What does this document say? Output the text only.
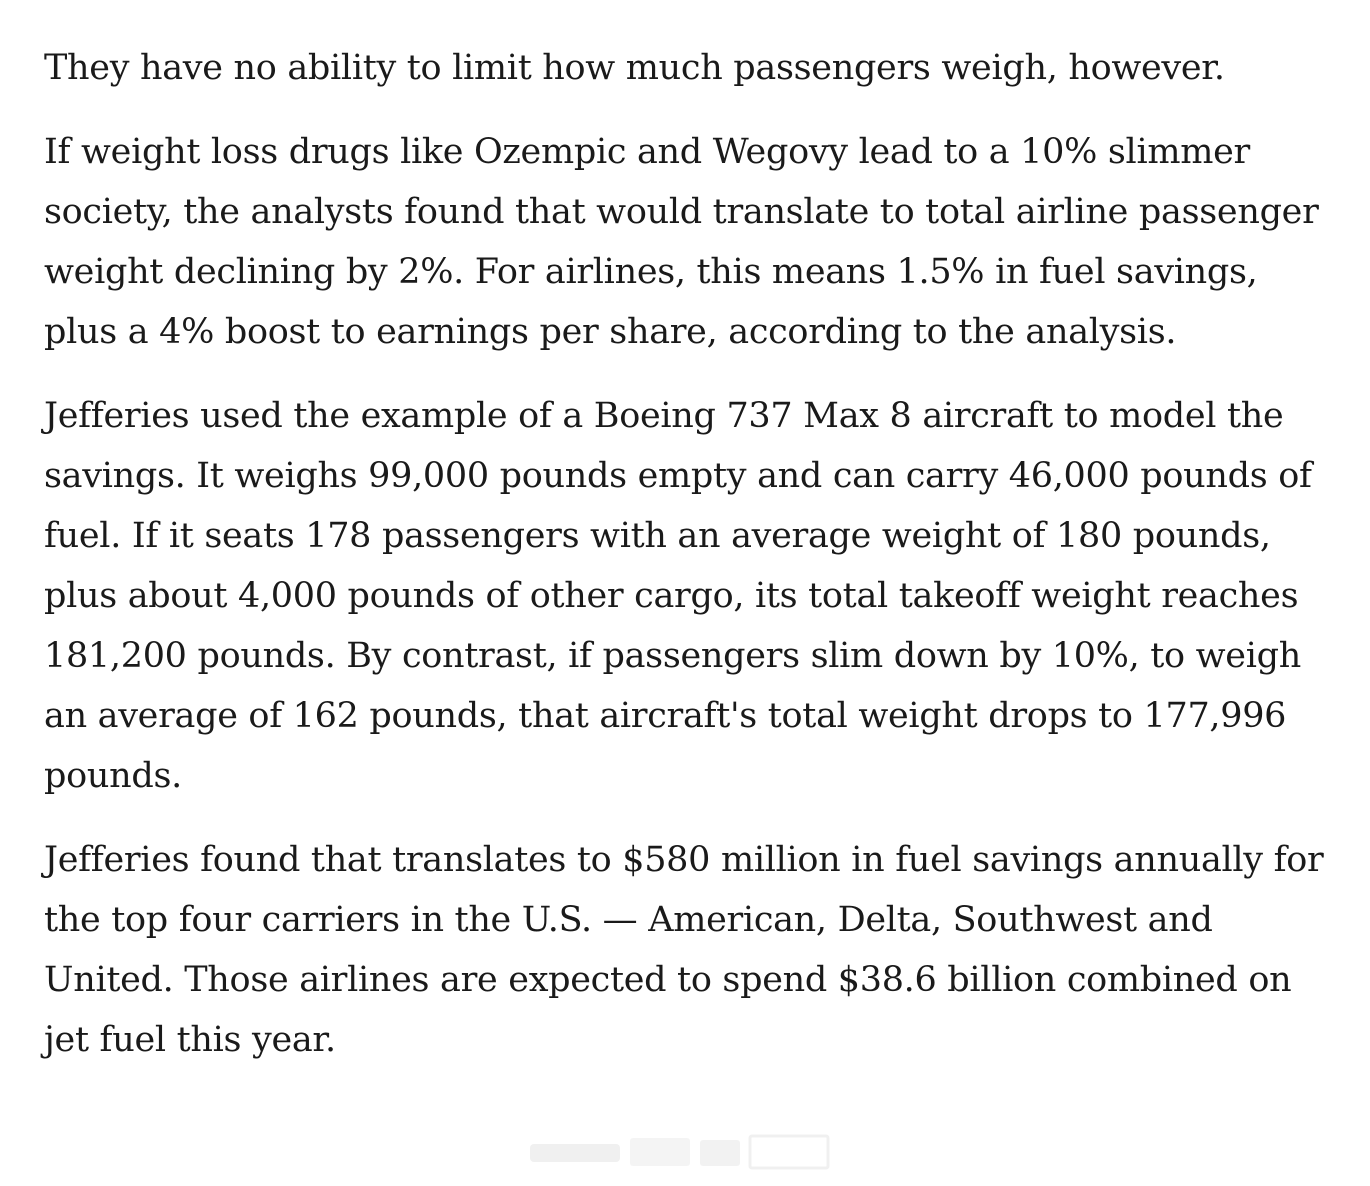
They have no ability to limit how much passengers weigh, however.

If weight loss drugs like Ozempic and Wegovy lead to a 10% slimmer society, the analysts found that would translate to total airline passenger weight declining by 2%. For airlines, this means 1.5% in fuel savings, plus a 4% boost to earnings per share, according to the analysis.

Jefferies used the example of a Boeing 737 Max 8 aircraft to model the savings. It weighs 99,000 pounds empty and can carry 46,000 pounds of fuel. If it seats 178 passengers with an average weight of 180 pounds, plus about 4,000 pounds of other cargo, its total takeoff weight reaches 181,200 pounds. By contrast, if passengers slim down by 10%, to weigh an average of 162 pounds, that aircraft's total weight drops to 177,996 pounds.

Jefferies found that translates to $580 million in fuel savings annually for the top four carriers in the U.S. — American, Delta, Southwest and United. Those airlines are expected to spend $38.6 billion combined on jet fuel this year.
